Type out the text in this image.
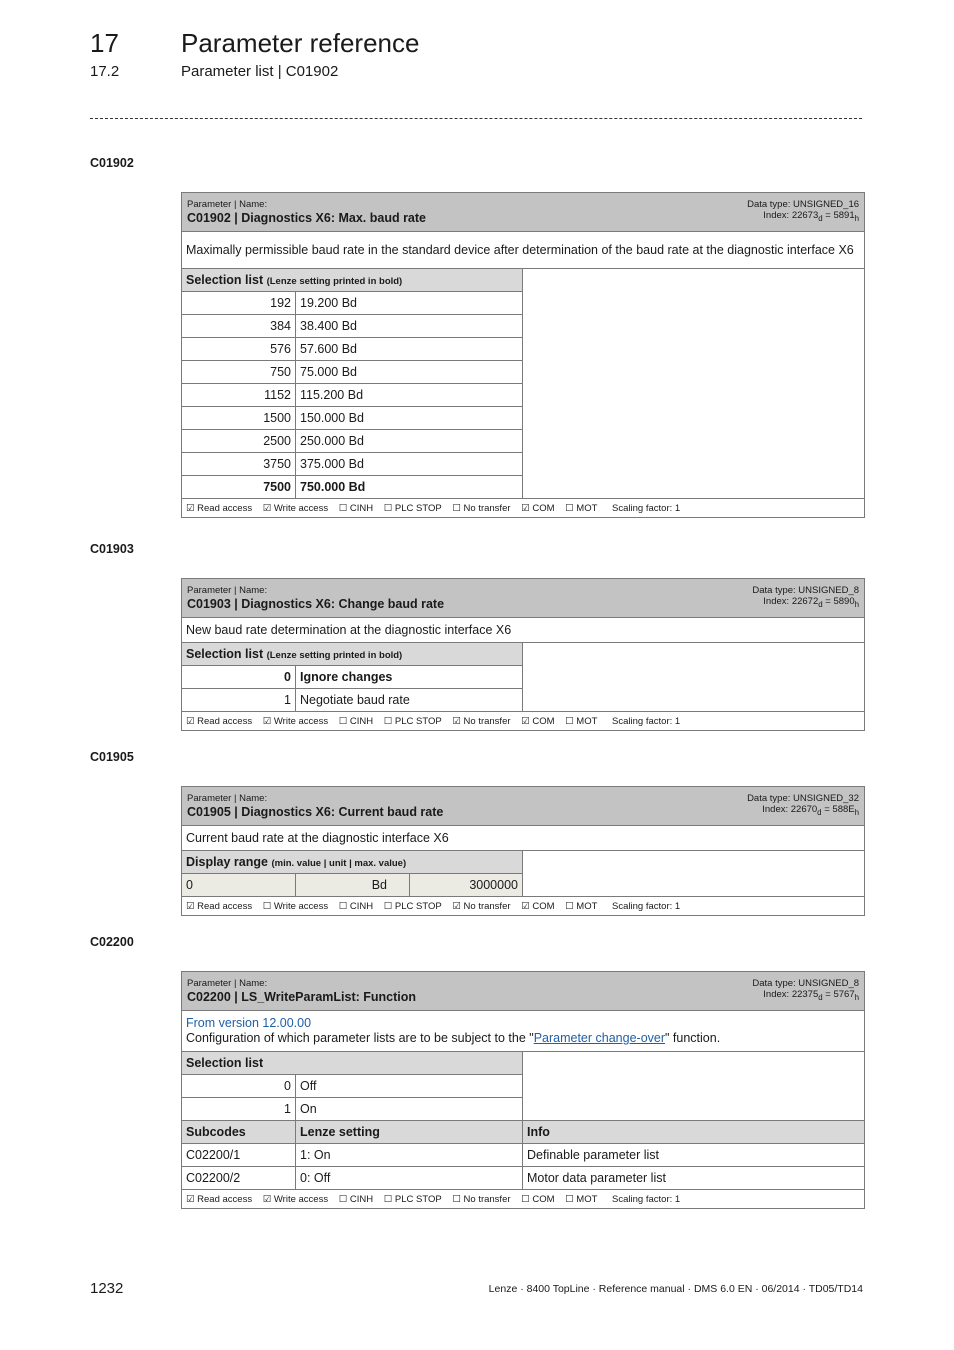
17 Parameter reference
17.2	Parameter list | C01902
C01902
Parameter | Name:
C01902 | Diagnostics X6: Max. baud rate
Data type: UNSIGNED_16
Index: $22673_d = 5891_h$

Maximally permissible baud rate in the standard device after determination of the baud rate at the diagnostic interface X6		
Selection list (Lenze setting printed in bold)		
192	19.200 Bd	
384	38.400 Bd	
576	57.600 Bd	
750	75.000 Bd	
1152	115.200 Bd	
1500	150.000 Bd	
2500	250.000 Bd	
3750	375.000 Bd	
7500	750.000 Bd	
☑ Read access ☑ Write access ☐ CINH ☐ PLC STOP ☐ No transfer ☑ COM ☐ MOT Scaling factor: 1		
C01903
Parameter | Name:
C01903 | Diagnostics X6: Change baud rate
Data type: UNSIGNED_8
Index: $22672_d = 5890_h$

New baud rate determination at the diagnostic interface X6		
Selection list (Lenze setting printed in bold)		
0	Ignore changes	
1	Negotiate baud rate	
☑ Read access ☑ Write access ☐ CINH ☐ PLC STOP ☑ No transfer ☑ COM ☐ MOT Scaling factor: 1		
C01905
Parameter | Name:
C01905 | Diagnostics X6: Current baud rate
Data type: UNSIGNED_32
Index: $22670_d = 588E_h$

Current baud rate at the diagnostic interface X6			
Display range (min. value | unit | max. value)			
0	Bd	3000000	
☑ Read access ☐ Write access ☐ CINH ☐ PLC STOP ☑ No transfer ☑ COM ☐ MOT Scaling factor: 1			
C02200
Parameter | Name:
C02200 | LS_WriteParamList: Function
Data type: UNSIGNED_8
Index: $22375_d = 5767_h$

From version 12.00.00
Configuration of which parameter lists are to be subject to the "Parameter change-over" function.		

Selection list		
0	Off	
1	On	
Subcodes	Lenze setting	Info
C02200/1	1: On	Definable parameter list
C02200/2	0: Off	Motor data parameter list
☑ Read access ☑ Write access ☐ CINH ☐ PLC STOP ☐ No transfer ☐ COM ☐ MOT Scaling factor: 1		
1232	Lenze · 8400 TopLine · Reference manual · DMS 6.0 EN · 06/2014 · TD05/TD14
